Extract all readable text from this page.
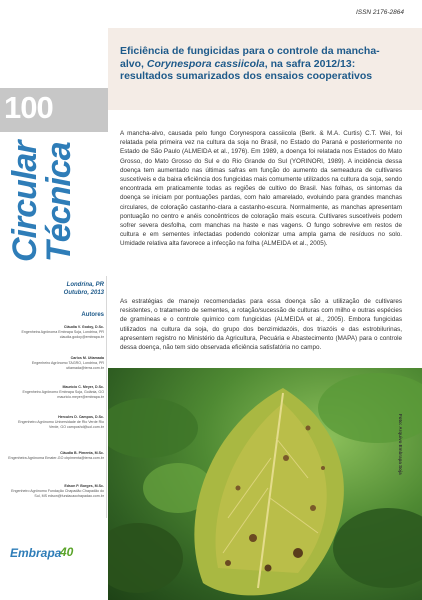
ISSN 2176-2864
Eficiência de fungicidas para o controle da mancha-alvo, Corynespora cassiicola, na safra 2012/13: resultados sumarizados dos ensaios cooperativos
100
Circular
Técnica
Londrina, PR
Outubro, 2013
Autores
Cláudia V. Godoy, D.Sc.
Engenheira Agrônoma Embrapa Soja, Londrina, PR claudia.godoy@embrapa.br
Carlos M. Utiamada
Engenheiro Agrônomo TAGRO, Londrina, PR utiamada@terra.com.br
Maurício C. Meyer, D.Sc.
Engenheiro Agrônomo Embrapa Soja, Goiânia, GO mauricio.meyer@embrapa.br
Hercules D. Campos, D.Sc.
Engenheiro Agrônomo Universidade de Rio Verde Rio Verde, GO camposhd@uol.com.br
Cláudia B. Pimenta, M.Sc.
Engenheira Agrônoma Emater-GO cbpimenta@terra.com.br
Edson P. Borges, M.Sc.
Engenheiro Agrônomo Fundação Chapadão Chapadão do Sul, MS edson@fundacaochapadao.com.br

A mancha-alvo, causada pelo fungo Corynespora cassiicola (Berk. & M.A. Curtis) C.T. Wei, foi relatada pela primeira vez na cultura da soja no Brasil, no Estado do Paraná e posteriormente no Estado de São Paulo (ALMEIDA et al., 1976). Em 1989, a doença foi relatada nos Estados do Mato Grosso, do Mato Grosso do Sul e do Rio Grande do Sul (YORINORI, 1989). A incidência dessa doença tem aumentado nas últimas safras em função do aumento da semeadura de cultivares suscetíveis e da baixa eficiência dos fungicidas mais comumente utilizados na cultura da soja, sendo encontrada em praticamente todas as regiões de cultivo do Brasil. Nas folhas, os sintomas da doença se iniciam por pontuações pardas, com halo amarelado, evoluindo para grandes manchas circulares, de coloração castanho-clara a castanho-escura. Normalmente, as manchas apresentam pontuação no centro e anéis concêntricos de coloração mais escura. Cultivares suscetíveis podem sofrer severa desfolha, com manchas na haste e nas vagens. O fungo sobrevive em restos de cultura e em sementes infectadas podendo colonizar uma ampla gama de resíduos no solo. Umidade relativa alta favorece a infecção na folha (ALMEIDA et al., 2005).

As estratégias de manejo recomendadas para essa doença são a utilização de cultivares resistentes, o tratamento de sementes, a rotação/sucessão de culturas com milho e outras espécies de gramíneas e o controle químico com fungicidas (ALMEIDA et al., 2005). Embora fungicidas utilizados na cultura da soja, do grupo dos benzimidazóis, dos triazóis e das estrobilurinas, apresentem registro no Ministério da Agricultura, Pecuária e Abastecimento (MAPA) para o controle dessa doença, não tem sido observada eficiência satisfatória no campo.

Foto: Arquivo Embrapa Soja
Embrapa
40
